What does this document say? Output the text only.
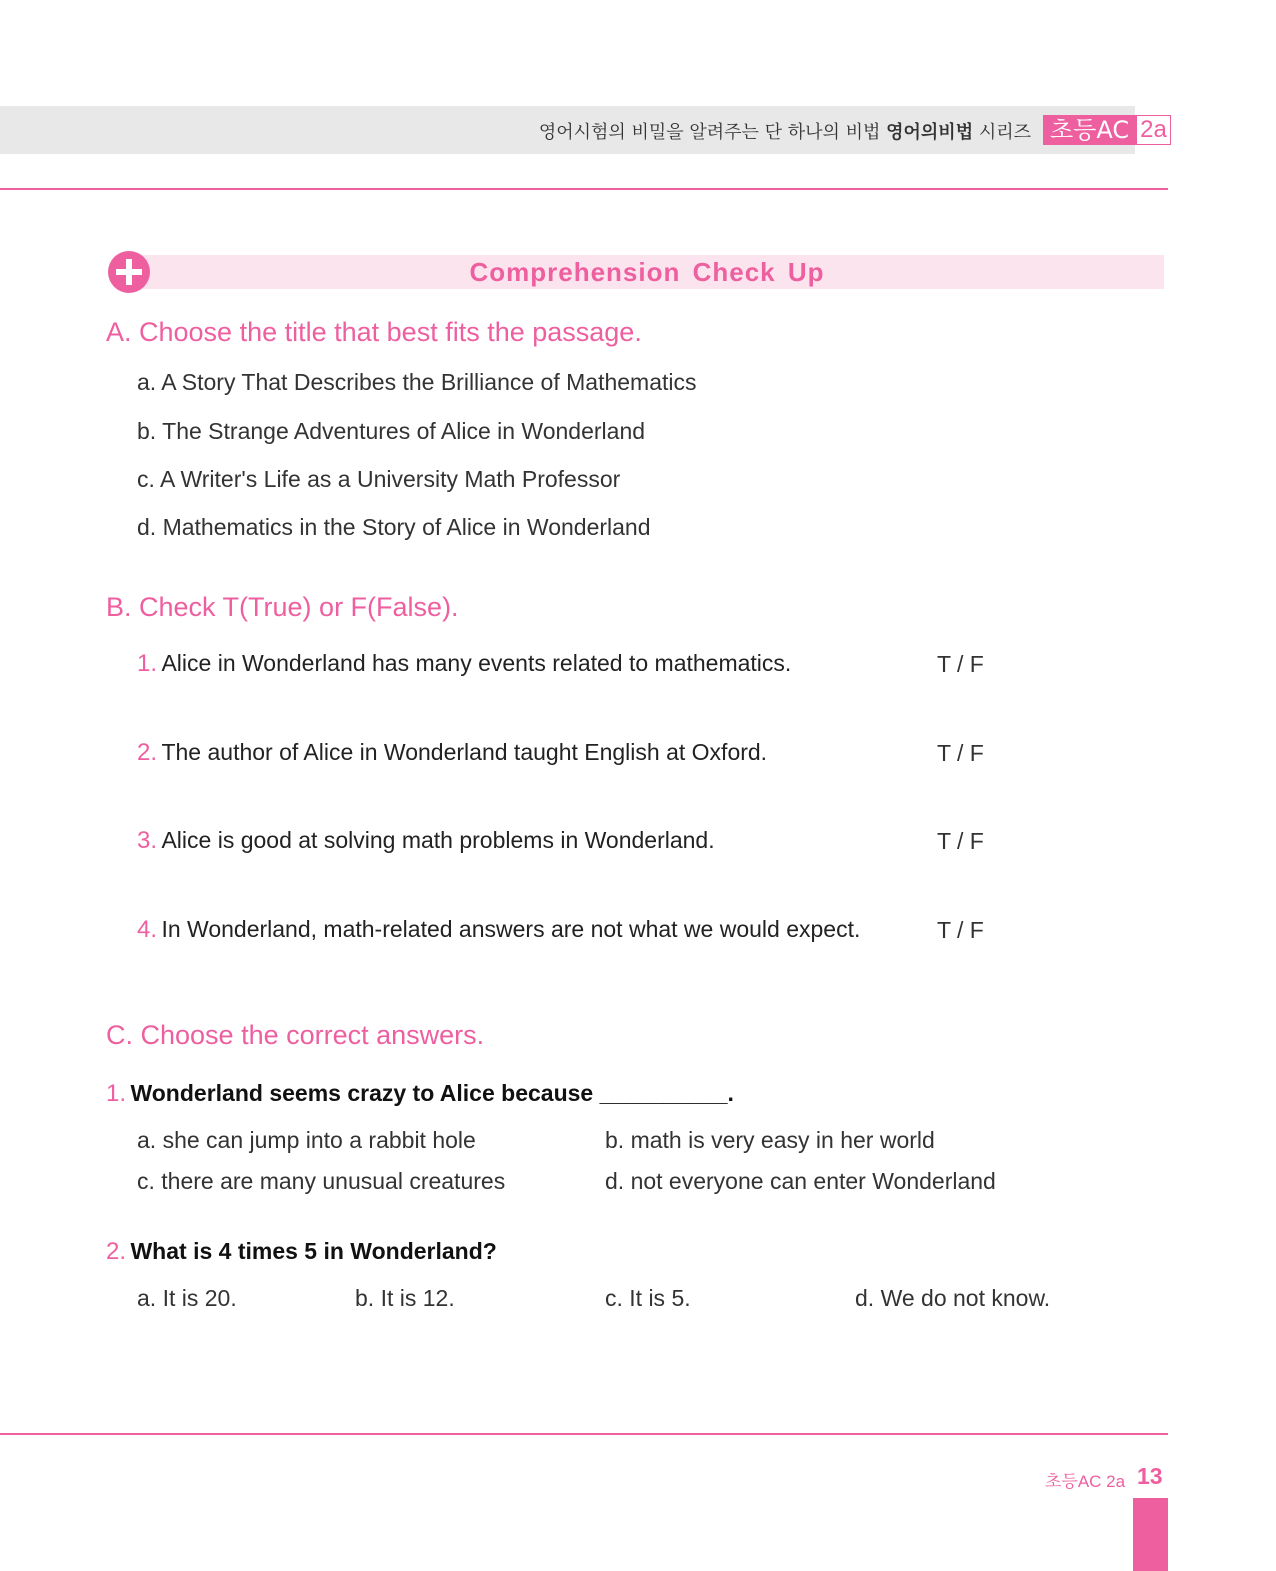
영어시험의 비밀을 알려주는 단 하나의 비법 영어의비법 시리즈 초등AC 2a
Comprehension Check Up
A. Choose the title that best fits the passage.
a. A Story That Describes the Brilliance of Mathematics
b. The Strange Adventures of Alice in Wonderland
c. A Writer's Life as a University Math Professor
d. Mathematics in the Story of Alice in Wonderland
B. Check T(True) or F(False).
1. Alice in Wonderland has many events related to mathematics.	T / F
2. The author of Alice in Wonderland taught English at Oxford.	T / F
3. Alice is good at solving math problems in Wonderland.	T / F
4. In Wonderland, math-related answers are not what we would expect.	T / F
C. Choose the correct answers.
1. Wonderland seems crazy to Alice because __________.
a. she can jump into a rabbit hole	b. math is very easy in her world
c. there are many unusual creatures	d. not everyone can enter Wonderland
2. What is 4 times 5 in Wonderland?
a. It is 20.	b. It is 12.	c. It is 5.	d. We do not know.
초등AC 2a 13
